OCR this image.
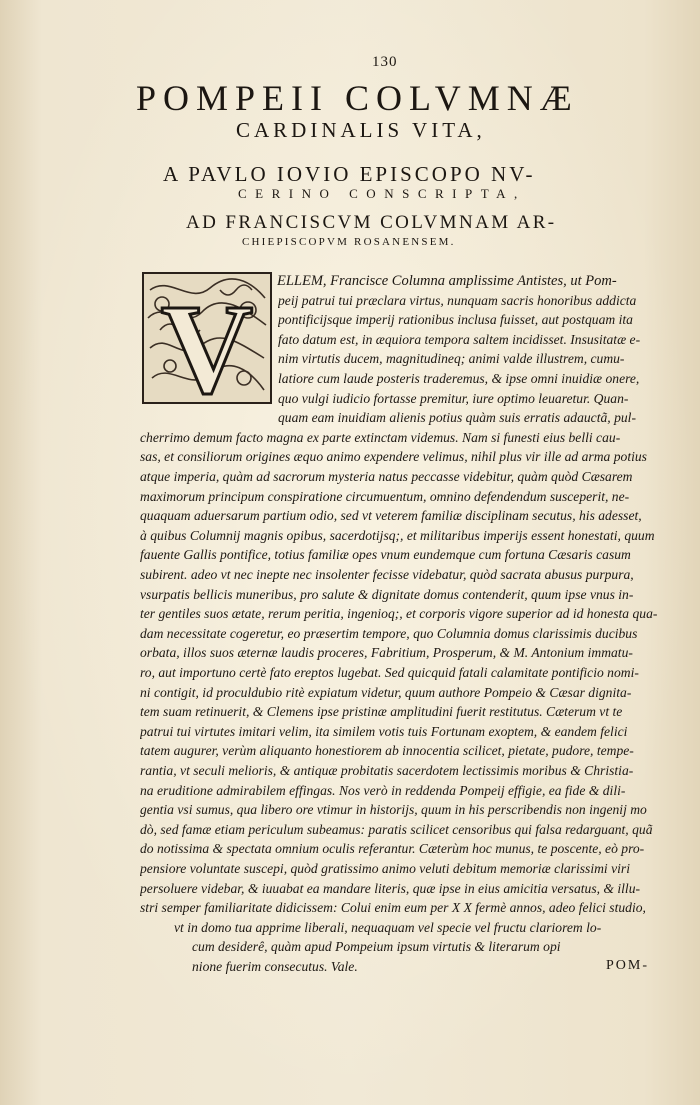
130
POMPEII COLVMNÆ
CARDINALIS VITA,
A PAVLO IOVIO EPISCOPO NV-
CERINO CONSCRIPTA,
AD FRANCISCVM COLVMNAM AR-
CHIEPISCOPVM ROSANENSEM.
V ELLEM, Francisce Columna amplissime Antistes, ut Pom-
peij patrui tui præclara virtus, nunquam sacris honoribus addicta
pontificijsque imperij rationibus inclusa fuisset, aut postquam ita
fato datum est, in æquiora tempora saltem incidisset. Insusitatæ e-
nim virtutis ducem, magnitudineq; animi valde illustrem, cumu-
latiore cum laude posteris traderemus, & ipse omni inuidiæ onere,
quo vulgi iudicio fortasse premitur, iure optimo leuaretur. Quan-
quam eam inuidiam alienis potius quàm suis erratis adauctã, pul-
cherrimo demum facto magna ex parte extinctam videmus. Nam si funesti eius belli cau-
sas, et consiliorum origines æquo animo expendere velimus, nihil plus vir ille ad arma potius
atque imperia, quàm ad sacrorum mysteria natus peccasse videbitur, quàm quòd Cæsarem
maximorum principum conspiratione circumuentum, omnino defendendum susceperit, ne-
quaquam aduersarum partium odio, sed vt veterem familiæ disciplinam secutus, his adesset,
à quibus Columnij magnis opibus, sacerdotijsq;, et militaribus imperijs essent honestati, quum
fauente Gallis pontifice, totius familiæ opes vnum eundemque cum fortuna Cæsaris casum
subirent. adeo vt nec inepte nec insolenter fecisse videbatur, quòd sacrata abusus purpura,
vsurpatis bellicis muneribus, pro salute & dignitate domus contenderit, quum ipse vnus in-
ter gentiles suos ætate, rerum peritia, ingenioq;, et corporis vigore superior ad id honesta qua-
dam necessitate cogeretur, eo præsertim tempore, quo Columnia domus clarissimis ducibus
orbata, illos suos æternæ laudis proceres, Fabritium, Prosperum, & M. Antonium immatu-
ro, aut importuno certè fato ereptos lugebat. Sed quicquid fatali calamitate pontificio nomi-
ni contigit, id proculdubio ritè expiatum videtur, quum authore Pompeio & Cæsar dignita-
tem suam retinuerit, & Clemens ipse pristinæ amplitudini fuerit restitutus. Cæterum vt te
patrui tui virtutes imitari velim, ita similem votis tuis Fortunam exoptem, & eandem felici
tatem augurer, verùm aliquanto honestiorem ab innocentia scilicet, pietate, pudore, tempe-
rantia, vt seculi melioris, & antiquæ probitatis sacerdotem lectissimis moribus & Christia-
na eruditione admirabilem effingas. Nos verò in reddenda Pompeij effigie, ea fide & dili-
gentia vsi sumus, qua libero ore vtimur in historijs, quum in his perscribendis non ingenij mo
dò, sed famæ etiam periculum subeamus: paratis scilicet censoribus qui falsa redarguant, quã
do notissima & spectata omnium oculis referantur. Cæterùm hoc munus, te poscente, eò pro-
pensiore voluntate suscepi, quòd gratissimo animo veluti debitum memoriæ clarissimi viri
persoluere videbar, & iuuabat ea mandare literis, quæ ipse in eius amicitia versatus, & illu-
stri semper familiaritate didicissem: Colui enim eum per X X fermè annos, adeo felici studio,
vt in domo tua apprime liberali, nequaquam vel specie vel fructu clariorem lo-
cum desiderê, quàm apud Pompeium ipsum virtutis & literarum opi
nione fuerim consecutus. Vale.	POM-
